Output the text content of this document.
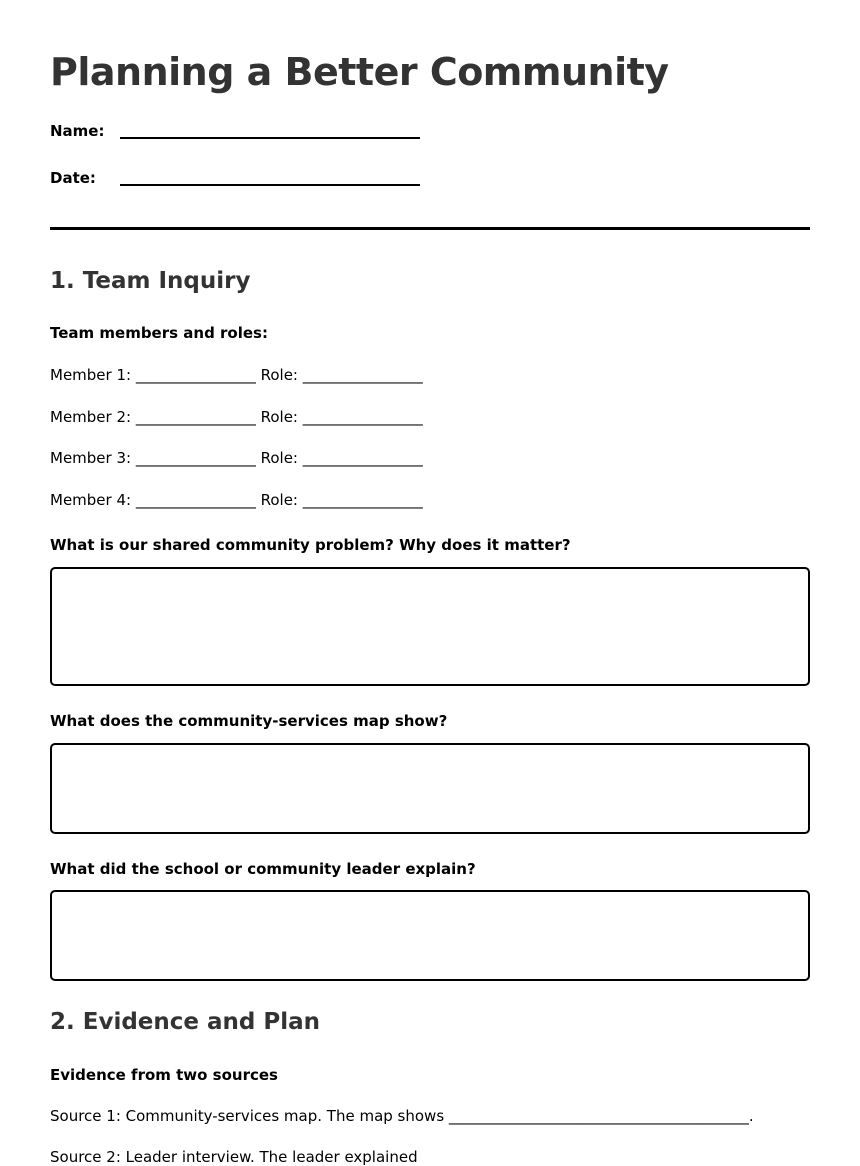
Planning a Better Community
Name:
Date:
1. Team Inquiry

Team members and roles:

Member 1: ________________ Role: ________________

Member 2: ________________ Role: ________________

Member 3: ________________ Role: ________________

Member 4: ________________ Role: ________________

What is our shared community problem? Why does it matter?

What does the community-services map show?

What did the school or community leader explain?

2. Evidence and Plan

Evidence from two sources

Source 1: Community-services map. The map shows ________________________________________.

Source 2: Leader interview. The leader explained
